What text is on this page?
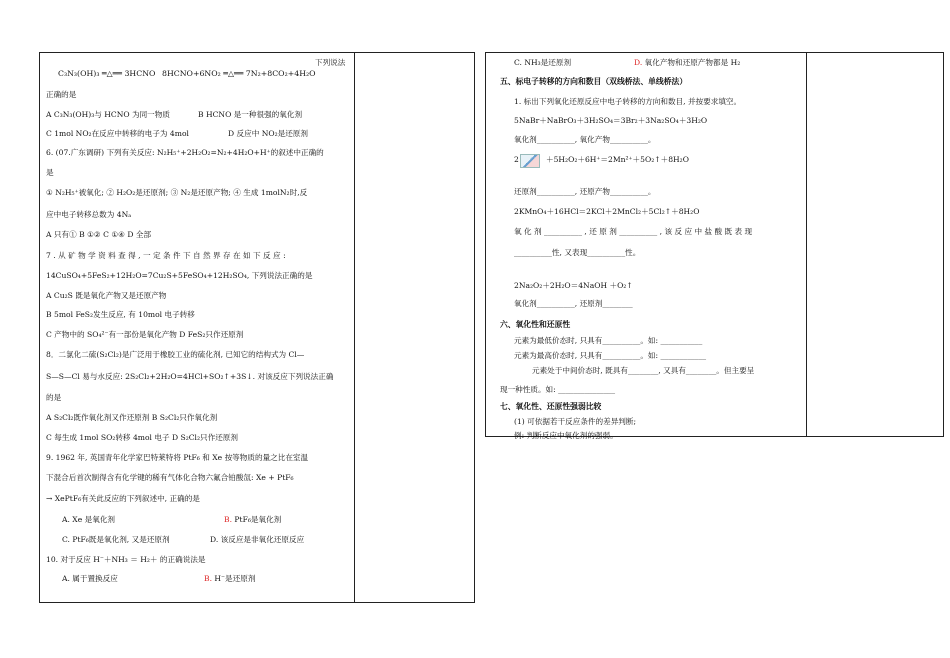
下列说法
C₃N₃(OH)₃ ═△══ 3HCNO 8HCNO+6NO₂ ═△══ 7N₂+8CO₂+4H₂O
正确的是
A C₃N₃(OH)₃与 HCNO 为同一物质	B HCNO 是一种很强的氧化剂
C 1mol NO₂在反应中转移的电子为 4mol	D 反应中 NO₂是还原剂
6. (07.广东调研) 下列有关反应: N₂H₅⁺+2H₂O₂=N₂+4H₂O+H⁺的叙述中正确的
是
① N₂H₅⁺被氧化; ② H₂O₂是还原剂; ③ N₂是还原产物; ④ 生成 1molN₂时,反
应中电子转移总数为 4Nₐ
A 只有① B ①② C ①④ D 全部
7 . 从 矿 物 学 资 料 查 得 , 一 定 条 件 下 自 然 界 存 在 如 下 反 应 :
14CuSO₄+5FeS₂+12H₂O=7Cu₂S+5FeSO₄+12H₂SO₄, 下列说法正确的是
A Cu₂S 既是氧化产物又是还原产物
B 5mol FeS₂发生反应, 有 10mol 电子转移
C 产物中的 SO₄²⁻有一部份是氧化产物 D FeS₂只作还原剂
8．二氯化二硫(S₂Cl₂)是广泛用于橡胶工业的硫化剂, 已知它的结构式为 Cl—
S—S—Cl 易与水反应: 2S₂Cl₂+2H₂O=4HCl+SO₂↑+3S↓. 对该反应下列说法正确
的是
A S₂Cl₂既作氧化剂又作还原剂 B S₂Cl₂只作氧化剂
C 每生成 1mol SO₂转移 4mol 电子 D S₂Cl₂只作还原剂
9. 1962 年, 英国青年化学家巴特莱特将 PtF₆ 和 Xe 按等物质的量之比在室温
下混合后首次制得含有化学键的稀有气体化合物六氟合铂酸氙: Xe + PtF₆
→ XePtF₆有关此反应的下列叙述中, 正确的是
A. Xe 是氧化剂	B. PtF₆是氧化剂
C. PtF₆既是氧化剂, 又是还原剂	D. 该反应是非氧化还原反应
10. 对于反应 H⁻＋NH₃ ＝ H₂＋ 的正确说法是
A. 属于置换反应	B. H⁻是还原剂
C. NH₃是还原剂	D. 氧化产物和还原产物都是 H₂
五、标电子转移的方向和数目（双线桥法、单线桥法）
1. 标出下列氧化还原反应中电子转移的方向和数目, 并按要求填空。
5NaBr＋NaBrO₃＋3H₂SO₄＝3Br₂＋3Na₂SO₄＋3H₂O
氧化剂__________, 氧化产物__________。
2	＋5H₂O₂＋6H⁺＝2Mn²⁺＋5O₂↑＋8H₂O
还原剂__________, 还原产物__________。
2KMnO₄＋16HCl＝2KCl＋2MnCl₂＋5Cl₂↑＋8H₂O
氧 化 剂 __________ , 还 原 剂 __________ , 该 反 应 中 盐 酸 既 表 现
__________性, 又表现__________性。
2Na₂O₂＋2H₂O＝4NaOH ＋O₂↑
氧化剂__________, 还原剂________
六、氧化性和还原性
元素为最低价态时, 只具有__________。如: ___________
元素为最高价态时, 只具有__________。如: ____________
元素处于中间价态时, 既具有________, 又具有________。但主要呈
现一种性质。如: _______________
七、氧化性、还原性强弱比较
(1) 可依据若干反应条件的差异判断;
例: 判断反应中氧化剂的强弱。
